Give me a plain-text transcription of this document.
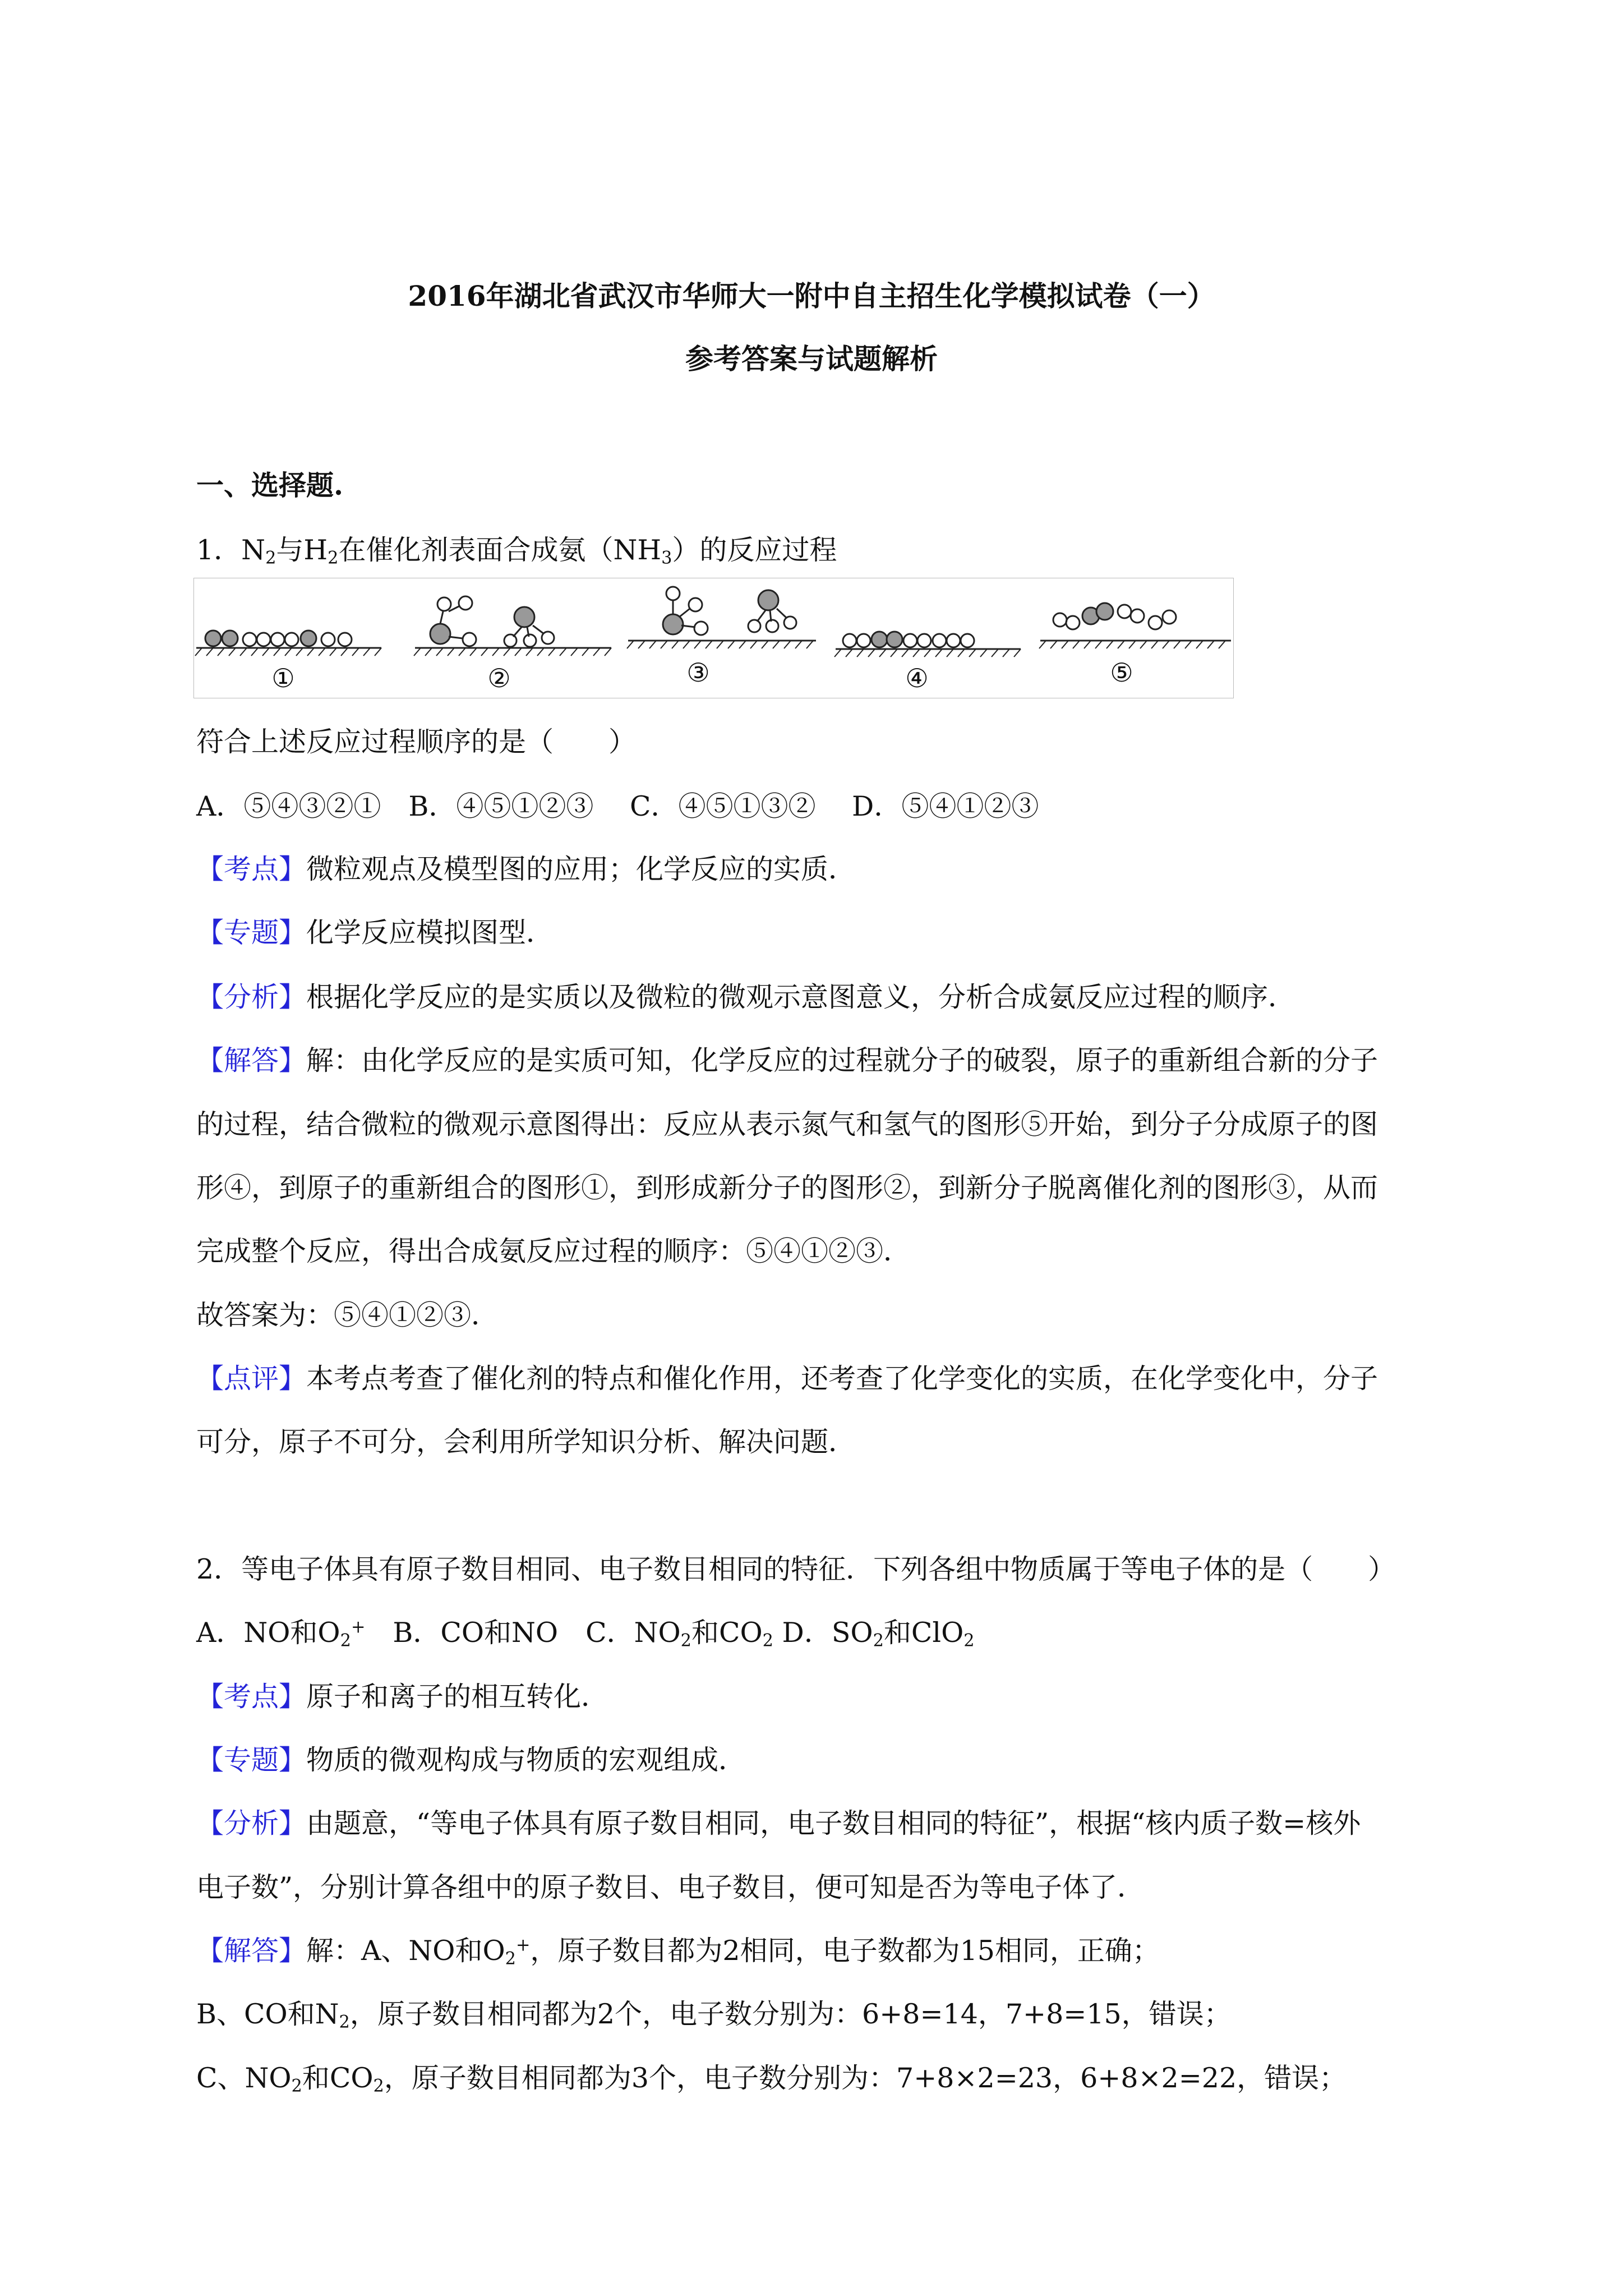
2016年湖北省武汉市华师大一附中自主招生化学模拟试卷（一）
参考答案与试题解析
一、选择题.
1．$N_2$与$H_2$在催化剂表面合成氨$(NH_3)$的反应过程
①	②	③	④	⑤
符合上述反应过程顺序的是（　　）
A．⑤④③②①　B．④⑤①②③　 C．④⑤①③②　 D．⑤④①②③
【考点】微粒观点及模型图的应用；化学反应的实质．
【专题】化学反应模拟图型．
【分析】根据化学反应的是实质以及微粒的微观示意图意义，分析合成氨反应过程的顺序．
【解答】解：由化学反应的是实质可知，化学反应的过程就分子的破裂，原子的重新组合新的分子
的过程，结合微粒的微观示意图得出：反应从表示氮气和氢气的图形⑤开始，到分子分成原子的图
形④，到原子的重新组合的图形①，到形成新分子的图形②，到新分子脱离催化剂的图形③，从而
完成整个反应，得出合成氨反应过程的顺序：⑤④①②③．
故答案为：⑤④①②③．
【点评】本考点考查了催化剂的特点和催化作用，还考查了化学变化的实质，在化学变化中，分子
可分，原子不可分，会利用所学知识分析、解决问题．
2．等电子体具有原子数目相同、电子数目相同的特征．下列各组中物质属于等电子体的是（　　）
A．NO和$O_2^+$　B．CO和NO　C．$NO_2$和$CO_2$ D．$SO_2$和ClO$_2$
【考点】原子和离子的相互转化．
【专题】物质的微观构成与物质的宏观组成．
【分析】由题意，“等电子体具有原子数目相同，电子数目相同的特征”，根据“核内质子数=核外
电子数”，分别计算各组中的原子数目、电子数目，便可知是否为等电子体了．
【解答】解：A、NO和$O_2^+$，原子数目都为2相同，电子数都为15相同，正确；
B、CO和$N_2$，原子数目相同都为2个，电子数分别为：6+8=14，7+8=15，错误；
C、$NO_2$和$CO_2$，原子数目相同都为3个，电子数分别为：7+8×2=23，6+8×2=22，错误；
